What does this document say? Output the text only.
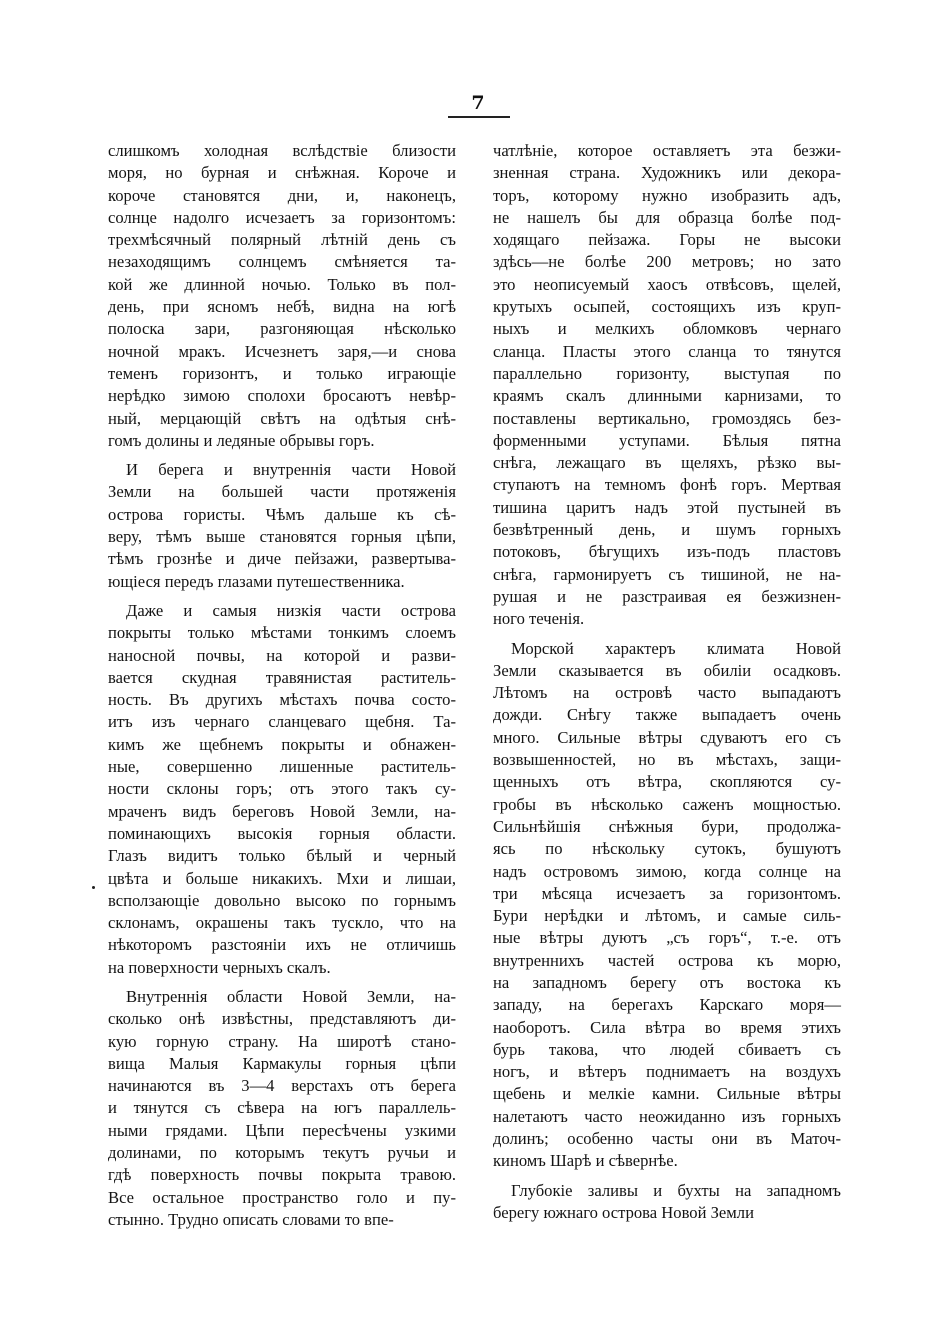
7
слишкомъ холодная вслѣдствіе близости
моря, но бурная и снѣжная. Короче и
короче становятся дни, и, наконецъ,
солнце надолго исчезаетъ за горизонтомъ:
трехмѣсячный полярный лѣтній день съ
незаходящимъ солнцемъ смѣняется та-
кой же длинной ночью. Только въ пол-
день, при ясномъ небѣ, видна на югѣ
полоска зари, разгоняющая нѣсколько
ночной мракъ. Исчезнетъ заря,—и снова
теменъ горизонтъ, и только играющіе
нерѣдко зимою сполохи бросаютъ невѣр-
ный, мерцающій свѣтъ на одѣтыя снѣ-
гомъ долины и ледяные обрывы горъ.
И берега и внутреннія части Новой
Земли на большей части протяженія
острова гористы. Чѣмъ дальше къ сѣ-
веру, тѣмъ выше становятся горныя цѣпи,
тѣмъ грознѣе и диче пейзажи, развертыва-
ющіеся передъ глазами путешественника.
Даже и самыя низкія части острова
покрыты только мѣстами тонкимъ слоемъ
наносной почвы, на которой и разви-
вается скудная травянистая раститель-
ность. Въ другихъ мѣстахъ почва состо-
итъ изъ чернаго сланцеваго щебня. Та-
кимъ же щебнемъ покрыты и обнажен-
ные, совершенно лишенные раститель-
ности склоны горъ; отъ этого такъ су-
мраченъ видъ береговъ Новой Земли, на-
поминающихъ высокія горныя области.
Глазъ видитъ только бѣлый и черный
цвѣта и больше никакихъ. Мхи и лишаи,
всползающіе довольно высоко по горнымъ
склонамъ, окрашены такъ тускло, что на
нѣкоторомъ разстояніи ихъ не отличишь
на поверхности черныхъ скалъ.
Внутреннія области Новой Земли, на-
сколько онѣ извѣстны, представляютъ ди-
кую горную страну. На широтѣ стано-
вища Малыя Кармакулы горныя цѣпи
начинаются въ 3—4 верстахъ отъ берега
и тянутся съ сѣвера на югъ параллель-
ными грядами. Цѣпи пересѣчены узкими
долинами, по которымъ текутъ ручьи и
гдѣ поверхность почвы покрыта травою.
Все остальное пространство голо и пу-
стынно. Трудно описать словами то впе-
чатлѣніе, которое оставляетъ эта безжи-
зненная страна. Художникъ или декора-
торъ, которому нужно изобразить адъ,
не нашелъ бы для образца болѣе под-
ходящаго пейзажа. Горы не высоки
здѣсь—не болѣе 200 метровъ; но зато
это неописуемый хаосъ отвѣсовъ, щелей,
крутыхъ осыпей, состоящихъ изъ круп-
ныхъ и мелкихъ обломковъ чернаго
сланца. Пласты этого сланца то тянутся
параллельно горизонту, выступая по
краямъ скалъ длинными карнизами, то
поставлены вертикально, громоздясь без-
форменными уступами. Бѣлыя пятна
снѣга, лежащаго въ щеляхъ, рѣзко вы-
ступаютъ на темномъ фонѣ горъ. Мертвая
тишина царитъ надъ этой пустыней въ
безвѣтренный день, и шумъ горныхъ
потоковъ, бѣгущихъ изъ-подъ пластовъ
снѣга, гармонируетъ съ тишиной, не на-
рушая и не разстраивая ея безжизнен-
ного теченія.
Морской характеръ климата Новой
Земли сказывается въ обиліи осадковъ.
Лѣтомъ на островѣ часто выпадаютъ
дожди. Снѣгу также выпадаетъ очень
много. Сильные вѣтры сдуваютъ его съ
возвышенностей, но въ мѣстахъ, защи-
щенныхъ отъ вѣтра, скопляются су-
гробы въ нѣсколько саженъ мощностью.
Сильнѣйшія снѣжныя бури, продолжа-
ясь по нѣскольку сутокъ, бушуютъ
надъ островомъ зимою, когда солнце на
три мѣсяца исчезаетъ за горизонтомъ.
Бури нерѣдки и лѣтомъ, и самые силь-
ные вѣтры дуютъ „съ горъ“, т.-е. отъ
внутреннихъ частей острова къ морю,
на западномъ берегу отъ востока къ
западу, на берегахъ Карскаго моря—
наоборотъ. Сила вѣтра во время этихъ
бурь такова, что людей сбиваетъ съ
ногъ, и вѣтеръ поднимаетъ на воздухъ
щебень и мелкіе камни. Сильные вѣтры
налетаютъ часто неожиданно изъ горныхъ
долинъ; особенно часты они въ Маточ-
киномъ Шарѣ и сѣвернѣе.
Глубокіе заливы и бухты на западномъ
берегу южнаго острова Новой Земли
